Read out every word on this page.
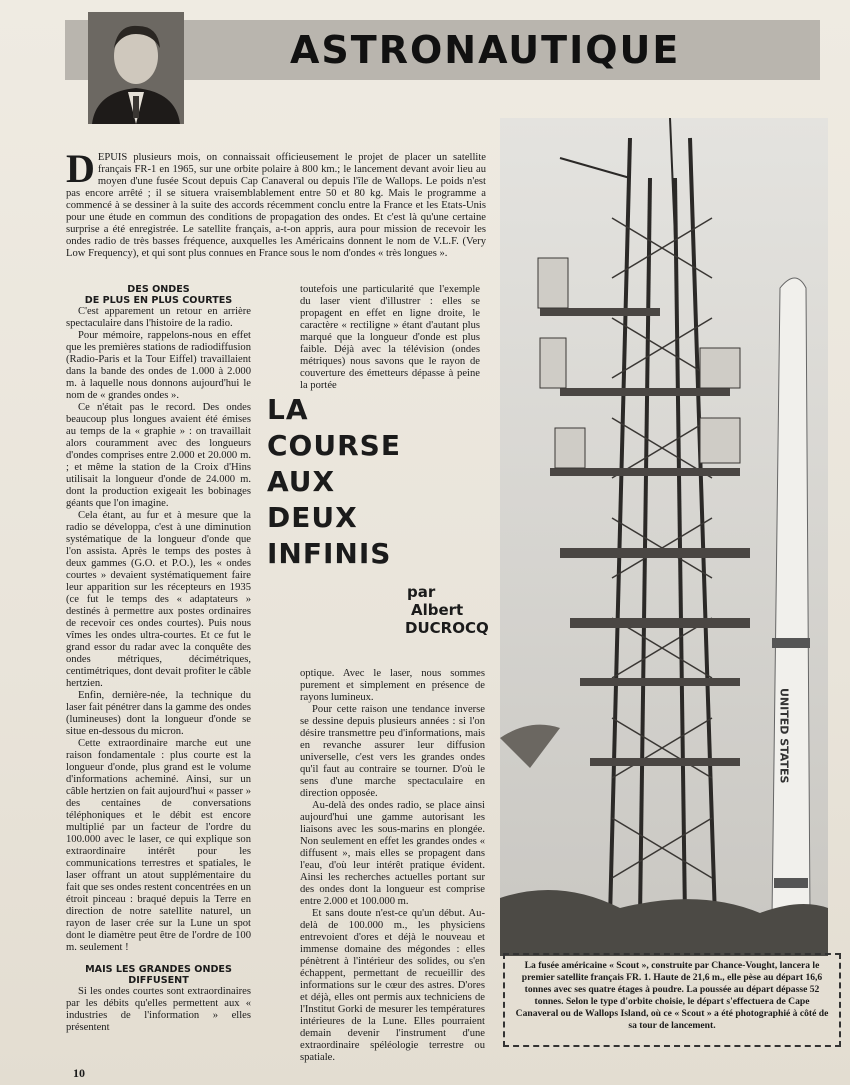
ASTRONAUTIQUE
D EPUIS plusieurs mois, on connaissait officieusement le projet de placer un satellite français FR-1 en 1965, sur une orbite polaire à 800 km.; le lancement devant avoir lieu au moyen d'une fusée Scout depuis Cap Canaveral ou depuis l'île de Wallops. Le poids n'est pas encore arrêté ; il se situera vraisemblablement entre 50 et 80 kg. Mais le programme a commencé à se dessiner à la suite des accords récemment conclu entre la France et les Etats-Unis pour une étude en commun des conditions de propagation des ondes. Et c'est là qu'une certaine surprise a été enregistrée. Le satellite français, a-t-on appris, aura pour mission de recevoir les ondes radio de très basses fréquence, auxquelles les Américains donnent le nom de V.L.F. (Very Low Frequency), et qui sont plus connues en France sous le nom d'ondes « très longues ».

DES ONDES
DE PLUS EN PLUS COURTES

C'est apparement un retour en arrière spectaculaire dans l'histoire de la radio.

Pour mémoire, rappelons-nous en effet que les premières stations de radiodiffusion (Radio-Paris et la Tour Eiffel) travaillaient dans la bande des ondes de 1.000 à 2.000 m. à laquelle nous donnons aujourd'hui le nom de « grandes ondes ».

Ce n'était pas le record. Des ondes beaucoup plus longues avaient été émises au temps de la « graphie » : on travaillait alors couramment avec des longueurs d'ondes comprises entre 2.000 et 20.000 m. ; et même la station de la Croix d'Hins utilisait la longueur d'onde de 24.000 m. dont la production exigeait les bobinages géants que l'on imagine.

Cela étant, au fur et à mesure que la radio se développa, c'est à une diminution systématique de la longueur d'onde que l'on assista. Après le temps des postes à deux gammes (G.O. et P.O.), les « ondes courtes » devaient systématiquement faire leur apparition sur les récepteurs en 1935 (ce fut le temps des « adaptateurs » destinés à permettre aux postes ordinaires de recevoir ces ondes courtes). Puis nous vîmes les ondes ultra-courtes. Et ce fut le grand essor du radar avec la conquête des ondes métriques, décimétriques, centimétriques, dont devait profiter le câble hertzien.

Enfin, dernière-née, la technique du laser fait pénétrer dans la gamme des ondes (lumineuses) dont la longueur d'onde se situe en-dessous du micron.

Cette extraordinaire marche eut une raison fondamentale : plus courte est la longueur d'onde, plus grand est le volume d'informations acheminé. Ainsi, sur un câble hertzien on fait aujourd'hui « passer » des centaines de conversations téléphoniques et le débit est encore multiplié par un facteur de l'ordre du 100.000 avec le laser, ce qui explique son extraordinaire intérêt pour les communications terrestres et spatiales, le laser offrant un atout supplémentaire du fait que ses ondes restent concentrées en un étroit pinceau : braqué depuis la Terre en direction de notre satellite naturel, un rayon de laser crée sur la Lune un spot dont le diamètre peut être de l'ordre de 100 m. seulement !

MAIS LES GRANDES ONDES
DIFFUSENT

Si les ondes courtes sont extraordinaires par les débits qu'elles permettent aux « industries de l'information » elles présentent

toutefois une particularité que l'exemple du laser vient d'illustrer : elles se propagent en effet en ligne droite, le caractère « rectiligne » étant d'autant plus marqué que la longueur d'onde est plus faible. Déjà avec la télévision (ondes métriques) nous savons que le rayon de couverture des émetteurs dépasse à peine la portée

LA
COURSE
AUX
DEUX
INFINIS
par
Albert
DUCROCQ

optique. Avec le laser, nous sommes purement et simplement en présence de rayons lumineux.

Pour cette raison une tendance inverse se dessine depuis plusieurs années : si l'on désire transmettre peu d'informations, mais en revanche assurer leur diffusion universelle, c'est vers les grandes ondes qu'il faut au contraire se tourner. D'où le sens d'une marche spectaculaire en direction opposée.

Au-delà des ondes radio, se place ainsi aujourd'hui une gamme autorisant les liaisons avec les sous-marins en plongée. Non seulement en effet les grandes ondes « diffusent », mais elles se propagent dans l'eau, d'où leur intérêt pratique évident. Ainsi les recherches actuelles portant sur des ondes dont la longueur est comprise entre 2.000 et 100.000 m.

Et sans doute n'est-ce qu'un début. Au-delà de 100.000 m., les physiciens entrevoient d'ores et déjà le nouveau et immense domaine des mégondes : elles pénètrent à l'intérieur des solides, ou s'en échappent, permettant de recueillir des informations sur le cœur des astres. D'ores et déjà, elles ont permis aux techniciens de l'Institut Gorki de mesurer les températures intérieures de la Lune. Elles pourraient demain devenir l'instrument d'une extraordinaire spéléologie terrestre ou spatiale.

UNITED STATES
La fusée américaine « Scout », construite par Chance-Vought, lancera le premier satellite français FR. 1. Haute de 21,6 m., elle pèse au départ 16,6 tonnes avec ses quatre étages à poudre. La poussée au départ dépasse 52 tonnes. Selon le type d'orbite choisie, le départ s'effectuera de Cape Canaveral ou de Wallops Island, où ce « Scout » a été photographié à côté de sa tour de lancement.
10
